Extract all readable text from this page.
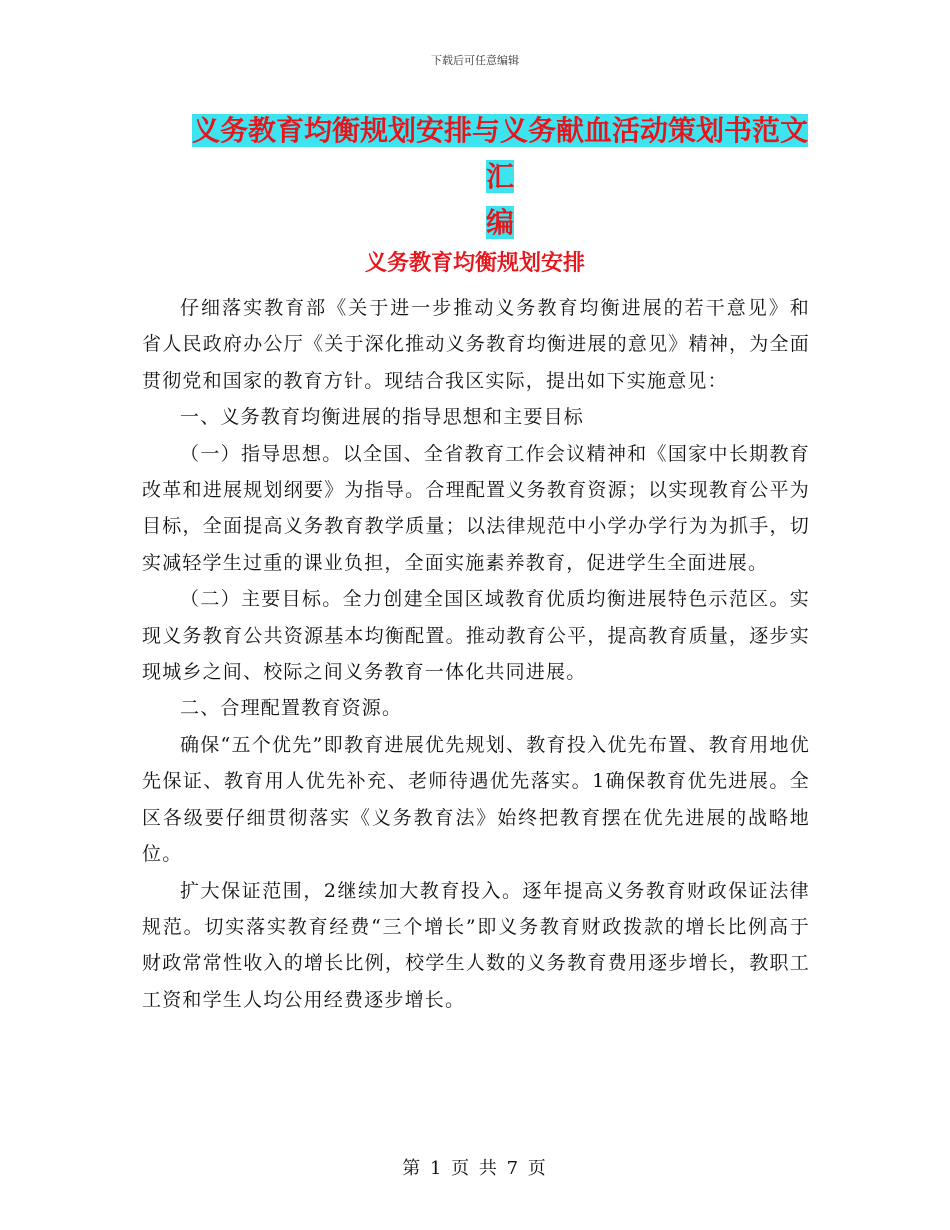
下载后可任意编辑
义务教育均衡规划安排与义务献血活动策划书范文汇
编
义务教育均衡规划安排

仔细落实教育部《关于进一步推动义务教育均衡进展的若干意见》和 省人民政府办公厅《关于深化推动义务教育均衡进展的意见》精神，为全面贯彻党和国家的教育方针。现结合我区实际，提出如下实施意见：

一、义务教育均衡进展的指导思想和主要目标

（一）指导思想。以全国、全省教育工作会议精神和《国家中长期教育改革和进展规划纲要》为指导。合理配置义务教育资源；以实现教育公平为目标，全面提高义务教育教学质量；以法律规范中小学办学行为为抓手，切实减轻学生过重的课业负担，全面实施素养教育，促进学生全面进展。

（二）主要目标。全力创建全国区域教育优质均衡进展特色示范区。实现义务教育公共资源基本均衡配置。推动教育公平，提高教育质量，逐步实现城乡之间、校际之间义务教育一体化共同进展。

二、合理配置教育资源。

确保“五个优先”即教育进展优先规划、教育投入优先布置、教育用地优先保证、教育用人优先补充、老师待遇优先落实。1确保教育优先进展。全区各级要仔细贯彻落实《义务教育法》始终把教育摆在优先进展的战略地位。

扩大保证范围，2继续加大教育投入。逐年提高义务教育财政保证法律规范。切实落实教育经费“三个增长”即义务教育财政拨款的增长比例高于财政常常性收入的增长比例，校学生人数的义务教育费用逐步增长，教职工工资和学生人均公用经费逐步增长。

第 1 页 共 7 页
